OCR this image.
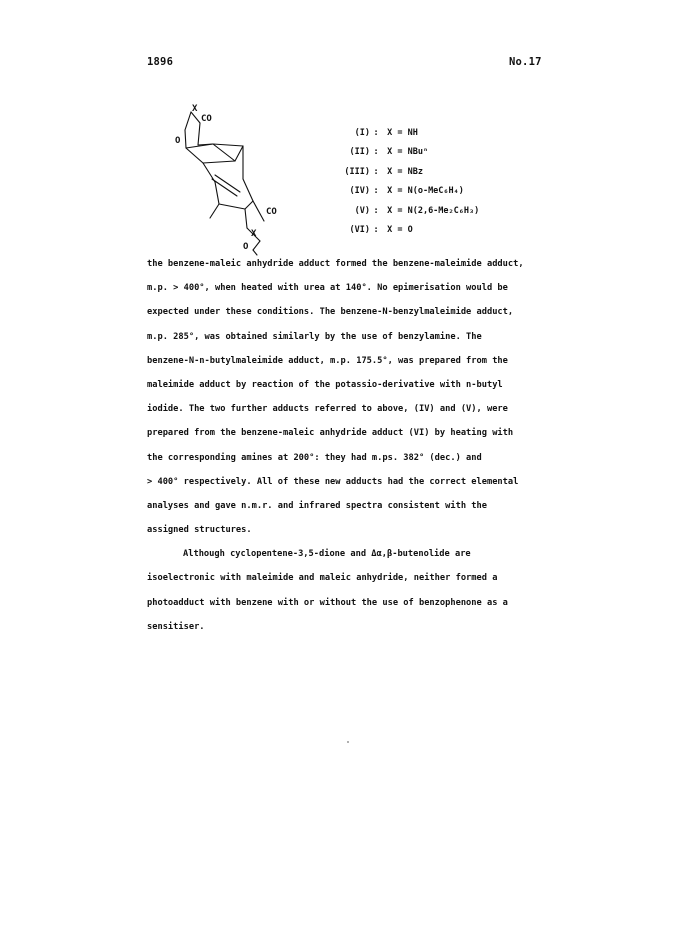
1896	No.17
X
CO
O
CO
X
O
(I) : X = NH
(II) : X = NBuⁿ
(III) : X = NBz
(IV) : X = N(o-MeC₆H₄)
(V) : X = N(2,6-Me₂C₆H₃)
(VI) : X = O
the benzene-maleic anhydride adduct formed the benzene-maleimide adduct,
m.p. > 400°, when heated with urea at 140°. No epimerisation would be
expected under these conditions. The benzene-N-benzylmaleimide adduct,
m.p. 285°, was obtained similarly by the use of benzylamine. The
benzene-N-n-butylmaleimide adduct, m.p. 175.5°, was prepared from the
maleimide adduct by reaction of the potassio-derivative with n-butyl
iodide. The two further adducts referred to above, (IV) and (V), were
prepared from the benzene-maleic anhydride adduct (VI) by heating with
the corresponding amines at 200°: they had m.ps. 382° (dec.) and
> 400° respectively. All of these new adducts had the correct elemental
analyses and gave n.m.r. and infrared spectra consistent with the
assigned structures.
Although cyclopentene-3,5-dione and Δα,β-butenolide are
isoelectronic with maleimide and maleic anhydride, neither formed a
photoadduct with benzene with or without the use of benzophenone as a
sensitiser.
